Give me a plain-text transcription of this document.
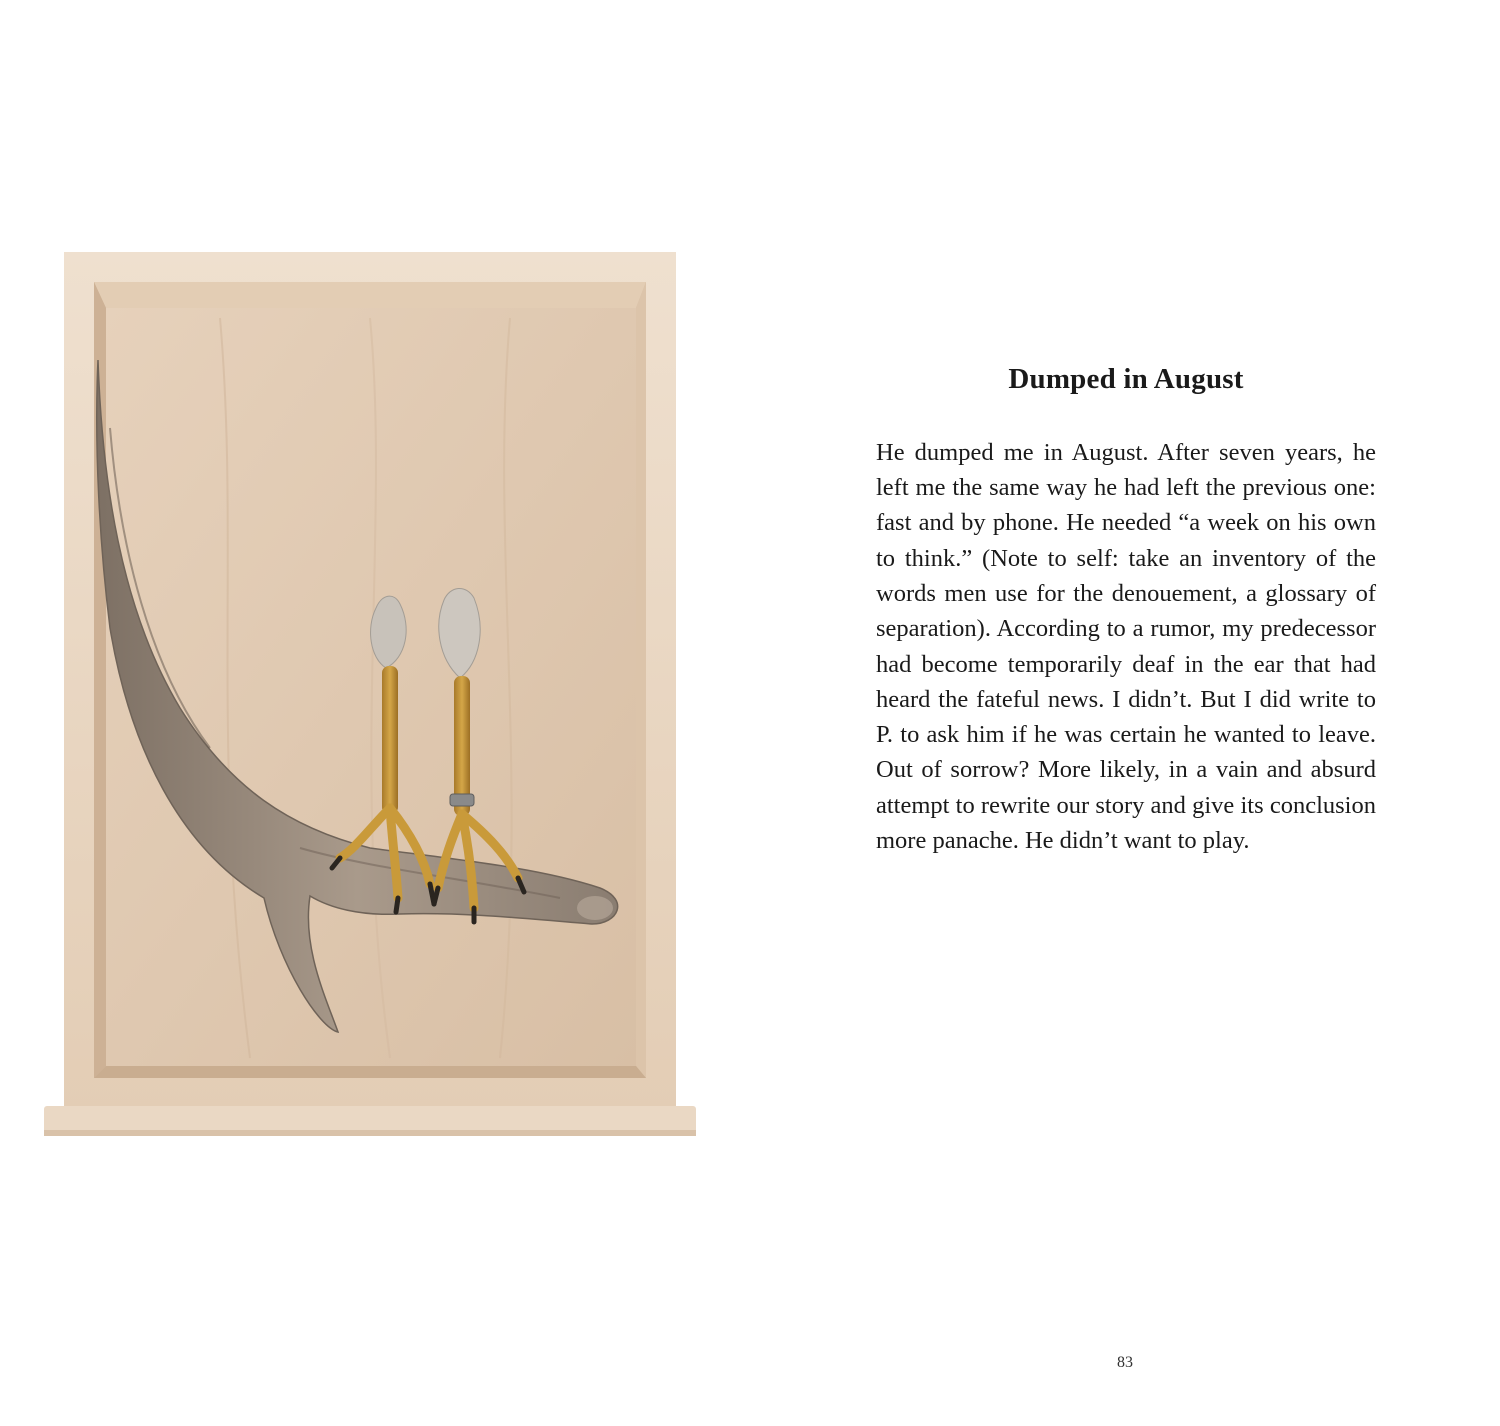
Dumped in August

He dumped me in August. After seven years, he left me the same way he had left the previous one: fast and by phone. He needed “a week on his own to think.” (Note to self: take an inventory of the words men use for the denouement, a glossary of separation). According to a rumor, my predecessor had become temporarily deaf in the ear that had heard the fateful news. I didn’t. But I did write to P. to ask him if he was certain he wanted to leave. Out of sorrow? More likely, in a vain and absurd attempt to rewrite our story and give its conclusion more panache. He didn’t want to play.

83
